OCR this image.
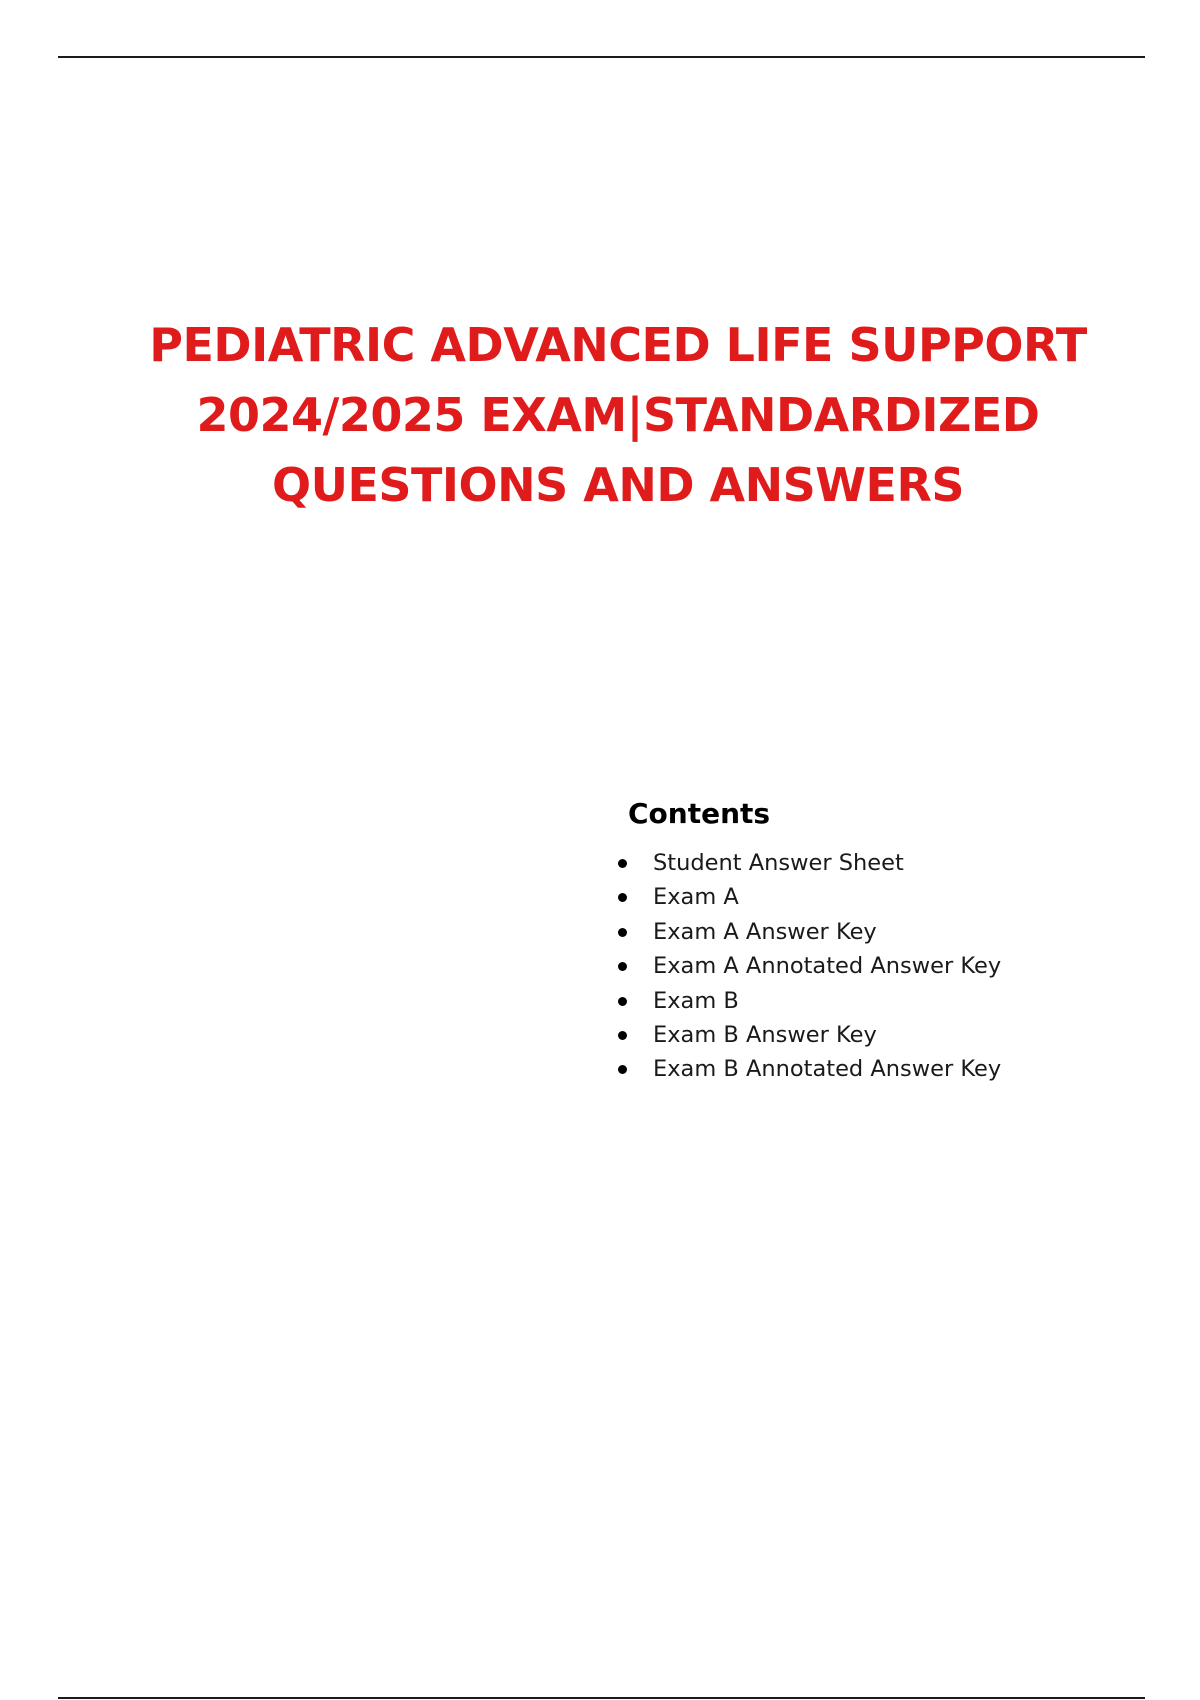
PEDIATRIC ADVANCED LIFE SUPPORT
2024/2025 EXAM|STANDARDIZED
QUESTIONS AND ANSWERS
Contents
Student Answer Sheet
Exam A
Exam A Answer Key
Exam A Annotated Answer Key
Exam B
Exam B Answer Key
Exam B Annotated Answer Key
